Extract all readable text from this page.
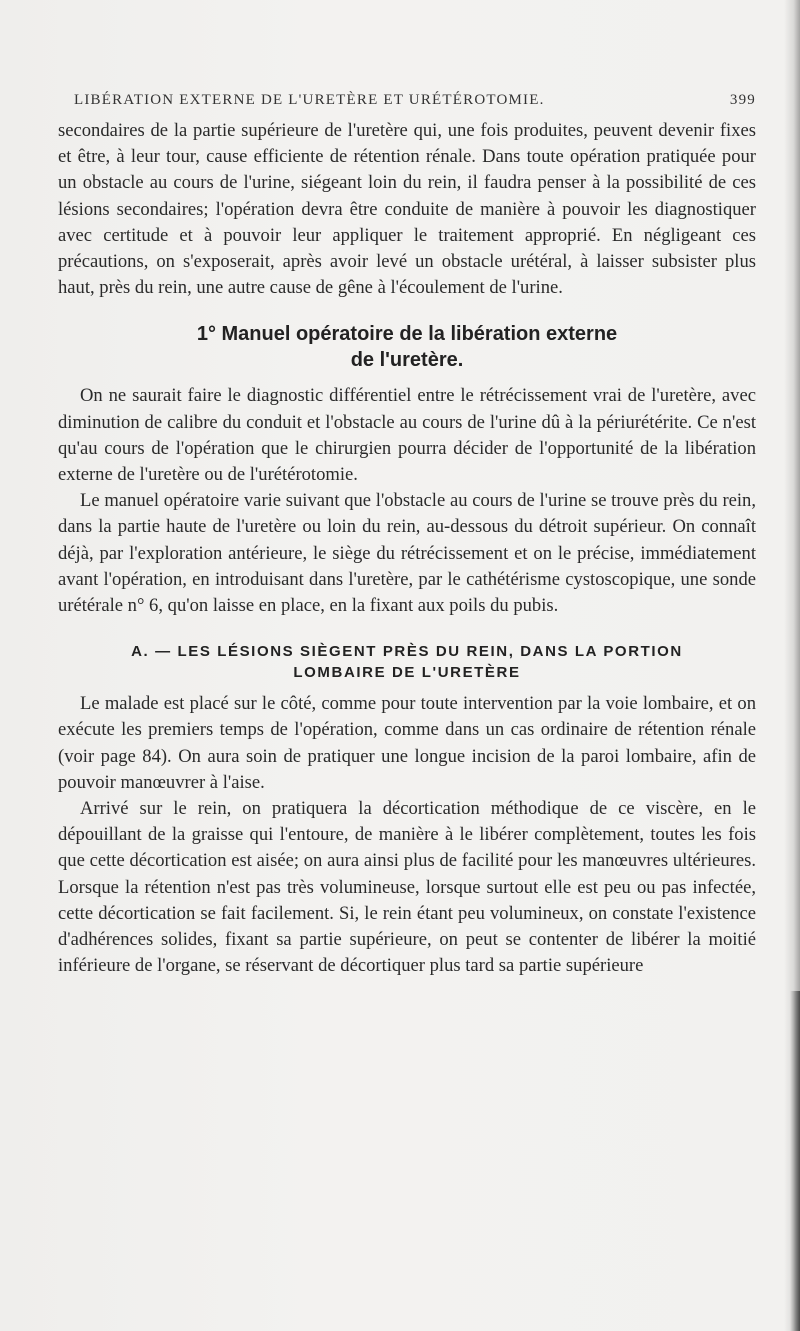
LIBÉRATION EXTERNE DE L'URETÈRE ET URÉTÉROTOMIE.	399

secondaires de la partie supérieure de l'uretère qui, une fois produites, peuvent devenir fixes et être, à leur tour, cause efficiente de rétention rénale. Dans toute opération pratiquée pour un obstacle au cours de l'urine, siégeant loin du rein, il faudra penser à la possibilité de ces lésions secondaires; l'opération devra être conduite de manière à pouvoir les diagnostiquer avec certitude et à pouvoir leur appliquer le traitement approprié. En négligeant ces précautions, on s'exposerait, après avoir levé un obstacle urétéral, à laisser subsister plus haut, près du rein, une autre cause de gêne à l'écoulement de l'urine.

1° Manuel opératoire de la libération externe
de l'uretère.

On ne saurait faire le diagnostic différentiel entre le rétrécissement vrai de l'uretère, avec diminution de calibre du conduit et l'obstacle au cours de l'urine dû à la périurétérite. Ce n'est qu'au cours de l'opération que le chirurgien pourra décider de l'opportunité de la libération externe de l'uretère ou de l'urétérotomie.

Le manuel opératoire varie suivant que l'obstacle au cours de l'urine se trouve près du rein, dans la partie haute de l'uretère ou loin du rein, au-dessous du détroit supérieur. On connaît déjà, par l'exploration antérieure, le siège du rétrécissement et on le précise, immédiatement avant l'opération, en introduisant dans l'uretère, par le cathétérisme cystoscopique, une sonde urétérale n° 6, qu'on laisse en place, en la fixant aux poils du pubis.

A. — LES LÉSIONS SIÈGENT PRÈS DU REIN, DANS LA PORTION
LOMBAIRE DE L'URETÈRE

Le malade est placé sur le côté, comme pour toute intervention par la voie lombaire, et on exécute les premiers temps de l'opération, comme dans un cas ordinaire de rétention rénale (voir page 84). On aura soin de pratiquer une longue incision de la paroi lombaire, afin de pouvoir manœuvrer à l'aise.

Arrivé sur le rein, on pratiquera la décortication méthodique de ce viscère, en le dépouillant de la graisse qui l'entoure, de manière à le libérer complètement, toutes les fois que cette décortication est aisée; on aura ainsi plus de facilité pour les manœuvres ultérieures. Lorsque la rétention n'est pas très volumineuse, lorsque surtout elle est peu ou pas infectée, cette décortication se fait facilement. Si, le rein étant peu volumineux, on constate l'existence d'adhérences solides, fixant sa partie supérieure, on peut se contenter de libérer la moitié inférieure de l'organe, se réservant de décortiquer plus tard sa partie supérieure
